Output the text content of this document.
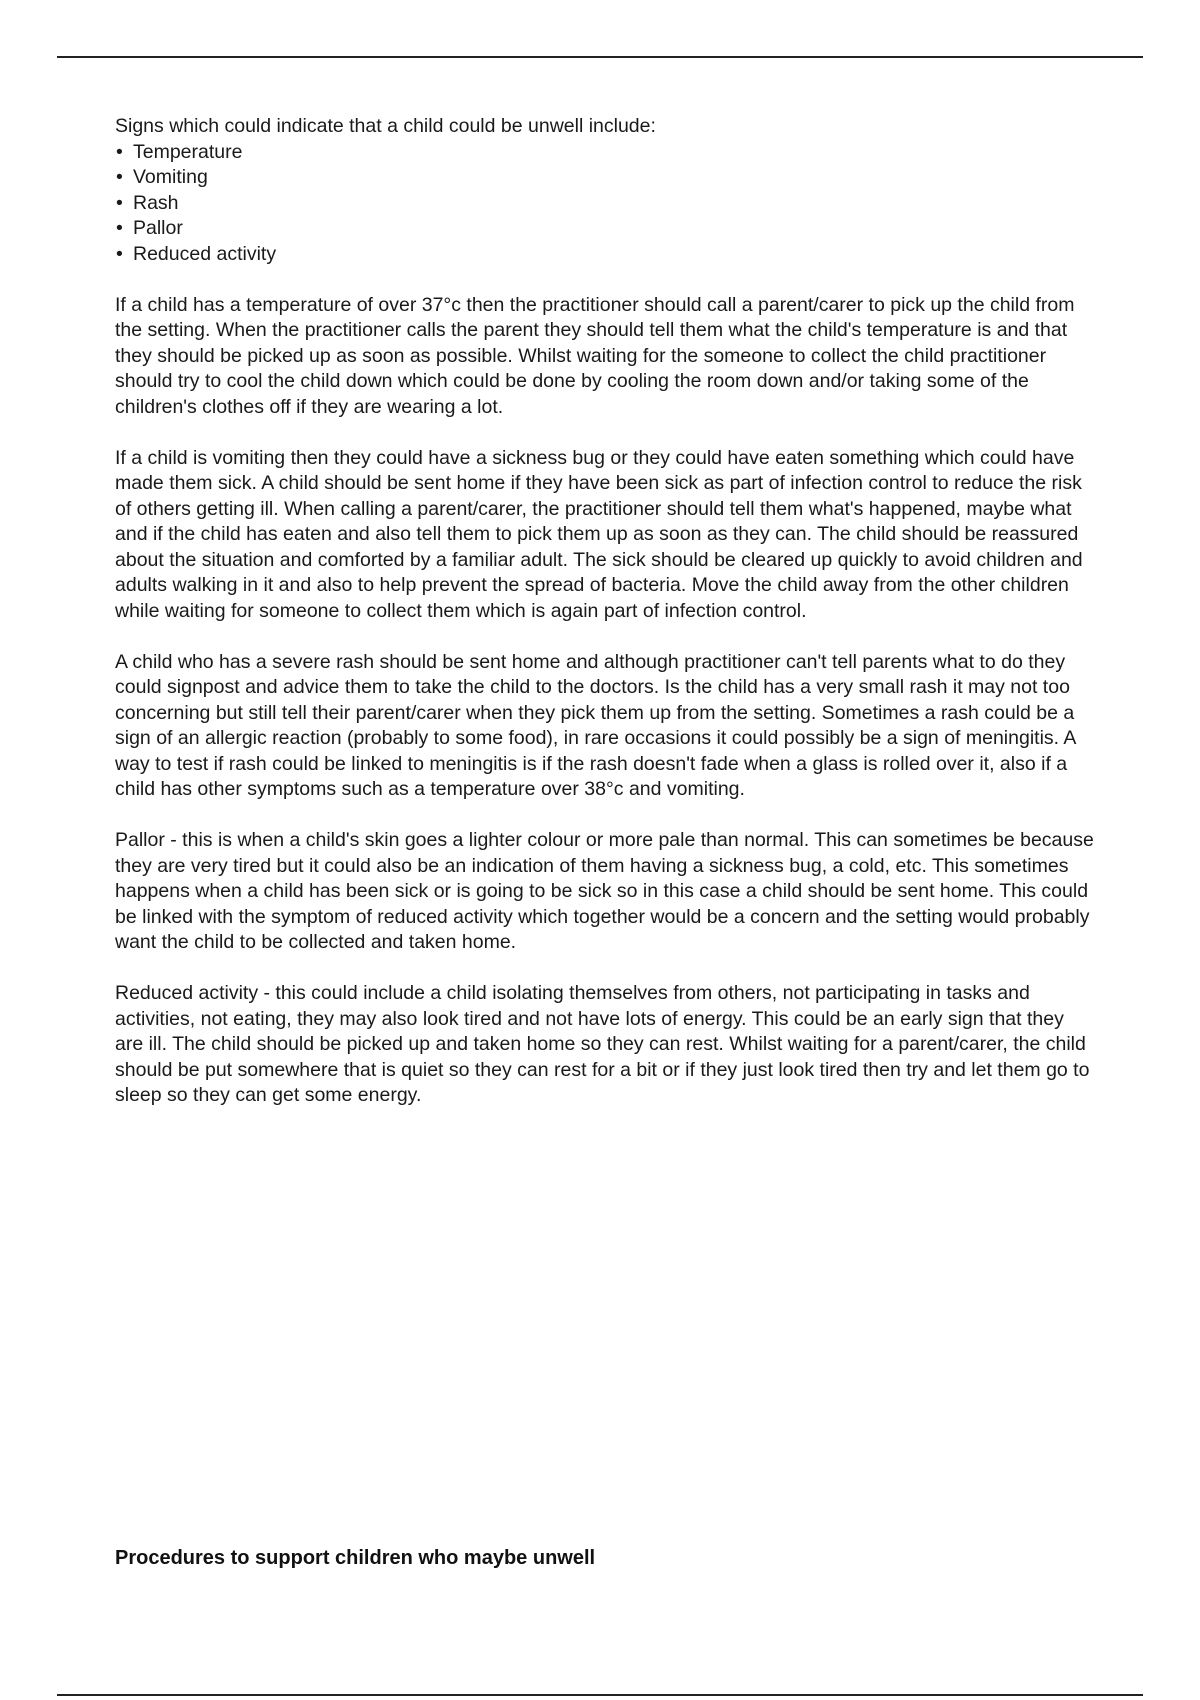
Signs which could indicate that a child could be unwell include:

• Temperature
• Vomiting
• Rash
• Pallor
• Reduced activity

If a child has a temperature of over 37°c then the practitioner should call a parent/carer to pick up the child from the setting. When the practitioner calls the parent they should tell them what the child's temperature is and that they should be picked up as soon as possible. Whilst waiting for the someone to collect the child practitioner should try to cool the child down which could be done by cooling the room down and/or taking some of the children's clothes off if they are wearing a lot.

If a child is vomiting then they could have a sickness bug or they could have eaten something which could have made them sick. A child should be sent home if they have been sick as part of infection control to reduce the risk of others getting ill. When calling a parent/carer, the practitioner should tell them what's happened, maybe what and if the child has eaten and also tell them to pick them up as soon as they can. The child should be reassured about the situation and comforted by a familiar adult. The sick should be cleared up quickly to avoid children and adults walking in it and also to help prevent the spread of bacteria. Move the child away from the other children while waiting for someone to collect them which is again part of infection control.

A child who has a severe rash should be sent home and although practitioner can't tell parents what to do they could signpost and advice them to take the child to the doctors. Is the child has a very small rash it may not too concerning but still tell their parent/carer when they pick them up from the setting. Sometimes a rash could be a sign of an allergic reaction (probably to some food), in rare occasions it could possibly be a sign of meningitis. A way to test if rash could be linked to meningitis is if the rash doesn't fade when a glass is rolled over it, also if a child has other symptoms such as a temperature over 38°c and vomiting.

Pallor - this is when a child's skin goes a lighter colour or more pale than normal. This can sometimes be because they are very tired but it could also be an indication of them having a sickness bug, a cold, etc. This sometimes happens when a child has been sick or is going to be sick so in this case a child should be sent home. This could be linked with the symptom of reduced activity which together would be a concern and the setting would probably want the child to be collected and taken home.

Reduced activity - this could include a child isolating themselves from others, not participating in tasks and activities, not eating, they may also look tired and not have lots of energy. This could be an early sign that they are ill. The child should be picked up and taken home so they can rest. Whilst waiting for a parent/carer, the child should be put somewhere that is quiet so they can rest for a bit or if they just look tired then try and let them go to sleep so they can get some energy.

Procedures to support children who maybe unwell
